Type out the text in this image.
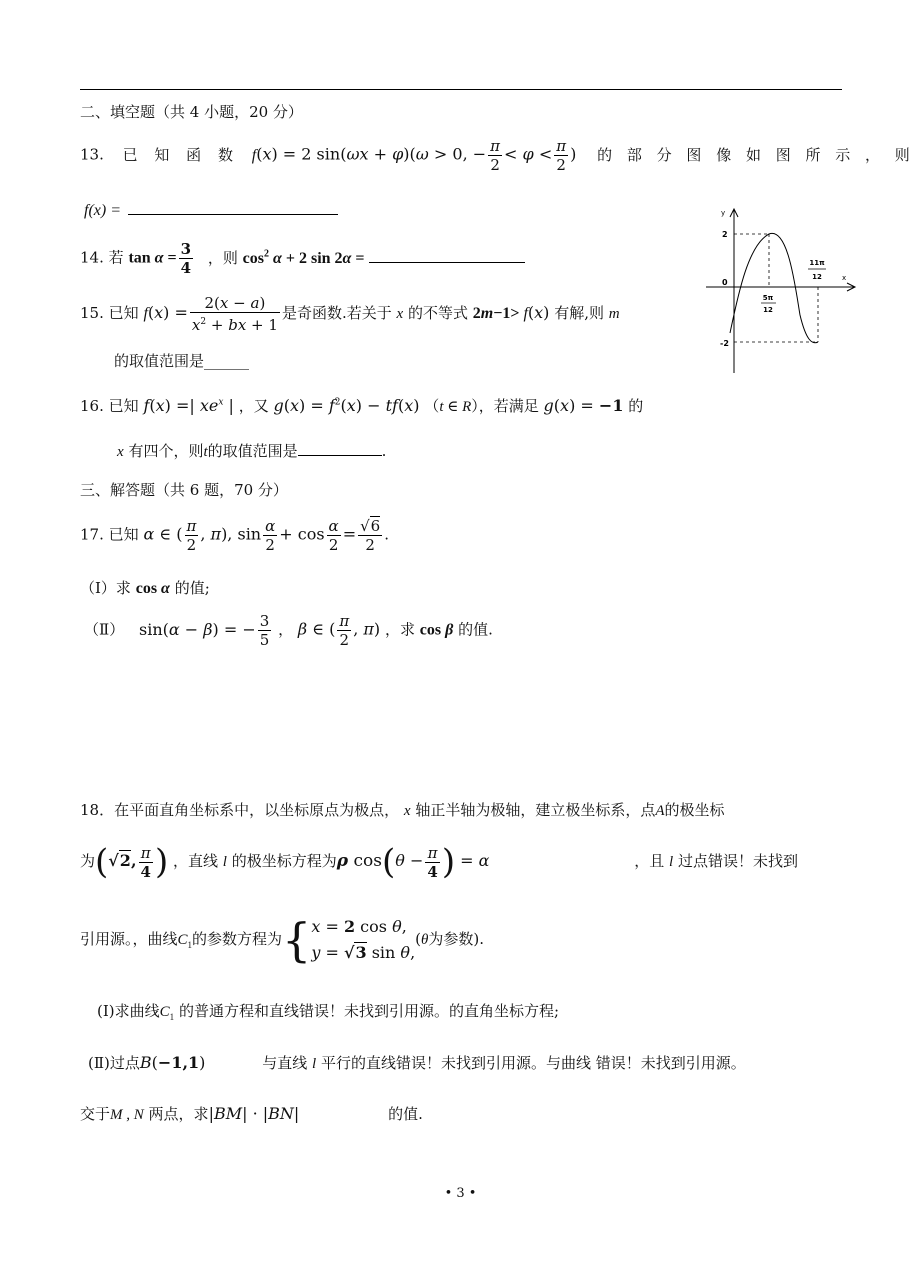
二、填空题（共 4 小题，20 分）
13. 已 知 函 数 f(x) = 2 sin(ωx + φ)(ω > 0, − $\frac{\pi}{2} < \varphi < \frac{\pi}{2}$ ) 的 部 分 图 像 如 图 所 示 ， 则
f(x) =
14. 若 $\tan \alpha = \frac{3}{4}$ ，则 $\cos^2 \alpha + 2$ sin 2α =
15. 已知 $f(x) = \frac{2(x - a)}{x^2 + bx + 1}$ 是奇函数.若关于 x 的不等式 2m−1> f(x) 有解,则 m
的取值范围是______
16. 已知 f(x) =| $xe^x$ | ，又 $g(x) = f^2(x) - tf(x)$ （t ∈ R），若满足 g(x) = −1 的
x 有四个，则t的取值范围是	.
三、解答题（共 6 题，70 分）
17. 已知 α ∈ ( $\frac{\pi}{2}$ , π), $\sin \frac{\alpha}{2} + \cos \frac{\alpha}{2} = \frac{√6}{2}$ .
（Ⅰ）求 cos α 的值;
（Ⅱ） sin(α − β) = − $\frac{3}{5}$ ， β ∈ ( $\frac{\pi}{2}$ , π) ，求 cos β 的值.
18．在平面直角坐标系中，以坐标原点为极点， x 轴正半轴为极轴，建立极坐标系，点A的极坐标
为(√2, $\frac{\pi}{4}$ ) ，直线 l 的极坐标方程为ρ $\cos(\theta - \frac{\pi}{4}$ ) = α	，且 l 过点错误！未找到
引用源。，曲线$C_1$的参数方程为{ x = 2 cos θ,
y = √3 sin θ,
(θ为参数).
(Ⅰ)求曲线$C_1$ 的普通方程和直线错误！未找到引用源。的直角坐标方程;
(Ⅱ)过点B(−1,1)	与直线 l 平行的直线错误！未找到引用源。与曲线 错误！未找到引用源。
交于M , N 两点，求|BM| · |BN|	的值.
y
x
2
0
-2
5π
12
11π
12
• 3 •
